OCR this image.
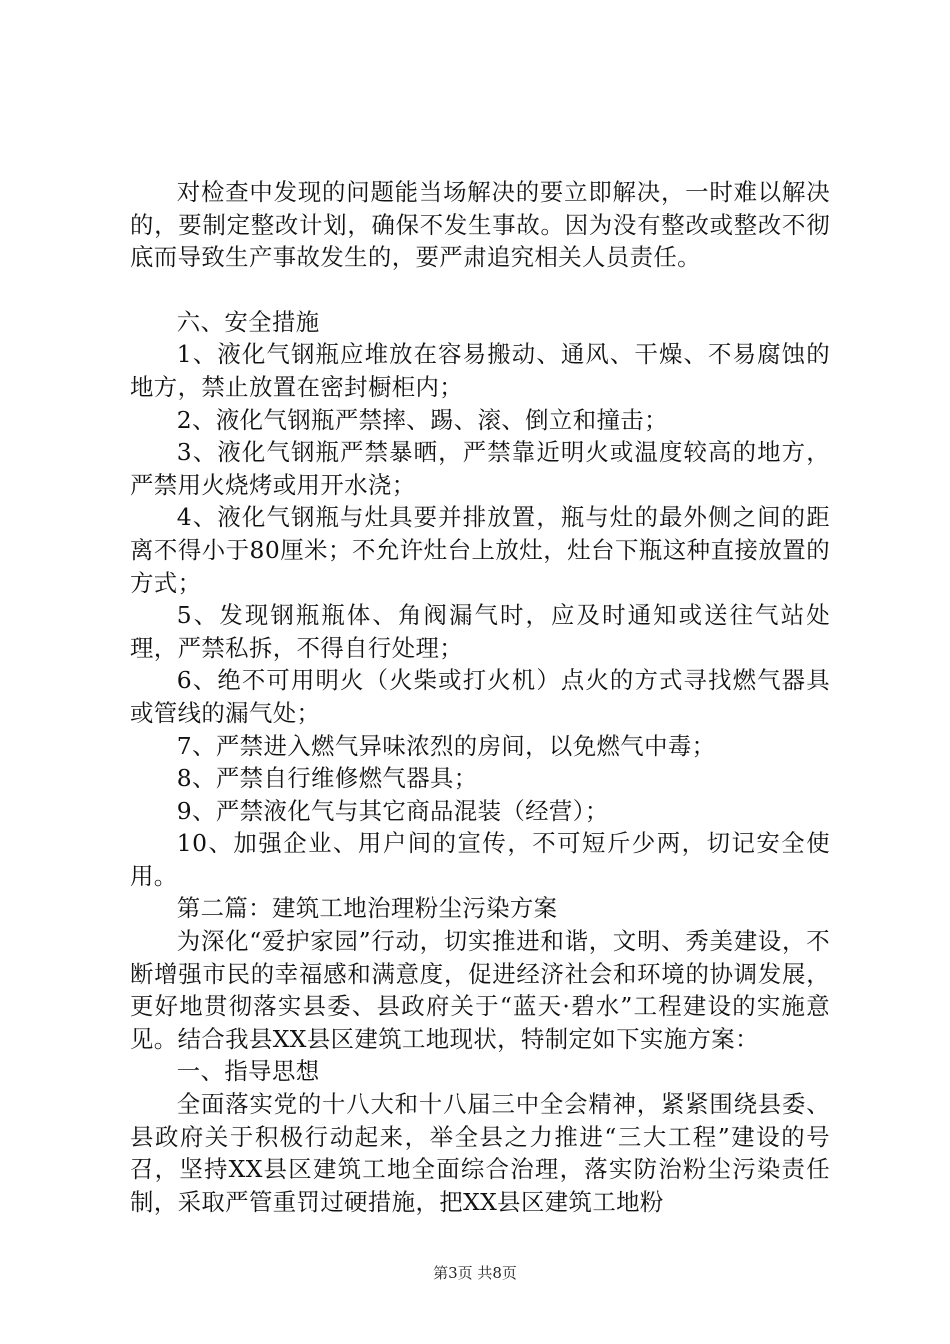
对检查中发现的问题能当场解决的要立即解决，一时难以解决的，要制定整改计划，确保不发生事故。因为没有整改或整改不彻底而导致生产事故发生的，要严肃追究相关人员责任。

六、安全措施

1、液化气钢瓶应堆放在容易搬动、通风、干燥、不易腐蚀的地方，禁止放置在密封橱柜内；

2、液化气钢瓶严禁摔、踢、滚、倒立和撞击；

3、液化气钢瓶严禁暴晒，严禁靠近明火或温度较高的地方，严禁用火烧烤或用开水浇；

4、液化气钢瓶与灶具要并排放置，瓶与灶的最外侧之间的距离不得小于80厘米；不允许灶台上放灶，灶台下瓶这种直接放置的方式；

5、发现钢瓶瓶体、角阀漏气时，应及时通知或送往气站处理，严禁私拆，不得自行处理；

6、绝不可用明火（火柴或打火机）点火的方式寻找燃气器具或管线的漏气处；

7、严禁进入燃气异味浓烈的房间，以免燃气中毒；

8、严禁自行维修燃气器具；

9、严禁液化气与其它商品混装（经营）；

10、加强企业、用户间的宣传，不可短斤少两，切记安全使用。

第二篇：建筑工地治理粉尘污染方案

为深化“爱护家园”行动，切实推进和谐，文明、秀美建设，不断增强市民的幸福感和满意度，促进经济社会和环境的协调发展，更好地贯彻落实县委、县政府关于“蓝天·碧水”工程建设的实施意见。结合我县XX县区建筑工地现状，特制定如下实施方案：

一、指导思想

全面落实党的十八大和十八届三中全会精神，紧紧围绕县委、县政府关于积极行动起来，举全县之力推进“三大工程”建设的号召，坚持XX县区建筑工地全面综合治理，落实防治粉尘污染责任制，采取严管重罚过硬措施，把XX县区建筑工地粉

第3页 共8页
